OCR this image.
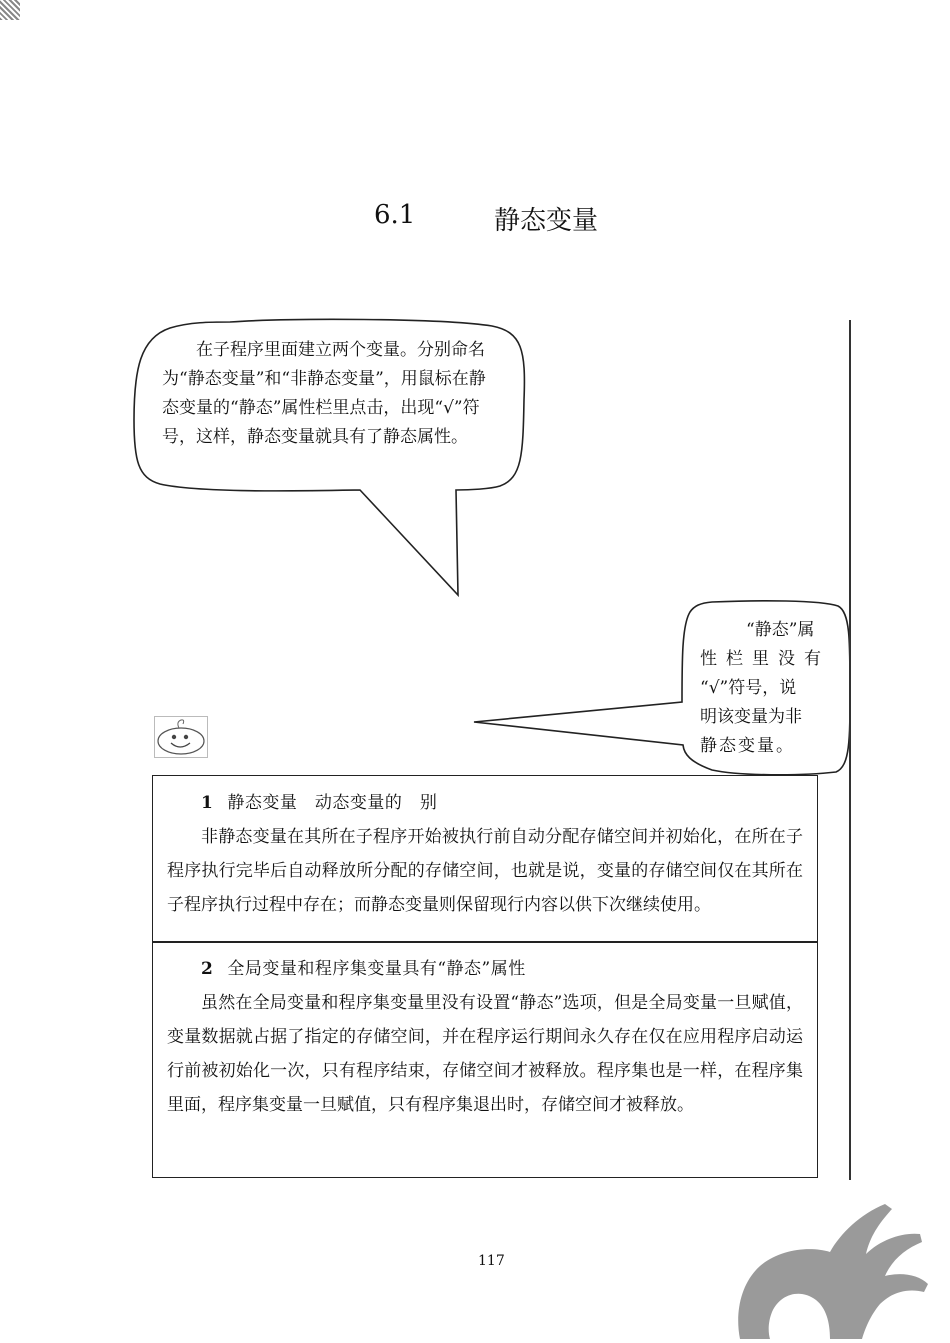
6.1	静态变量
在子程序里面建立两个变量。分别命名为“静态变量”和“非静态变量”，用鼠标在静态变量的“静态”属性栏里点击，出现“√”符号，这样，静态变量就具有了静态属性。
“静态”属
性栏里没有
“√”符号，说
明该变量为非
静态变量。
1 静态变量　动态变量的　别
非静态变量在其所在子程序开始被执行前自动分配存储空间并初始化，在所在子程序执行完毕后自动释放所分配的存储空间，也就是说，变量的存储空间仅在其所在子程序执行过程中存在；而静态变量则保留现行内容以供下次继续使用。
2 全局变量和程序集变量具有“静态”属性
虽然在全局变量和程序集变量里没有设置“静态”选项，但是全局变量一旦赋值，变量数据就占据了指定的存储空间，并在程序运行期间永久存在仅在应用程序启动运行前被初始化一次，只有程序结束，存储空间才被释放。程序集也是一样，在程序集里面，程序集变量一旦赋值，只有程序集退出时，存储空间才被释放。
117
